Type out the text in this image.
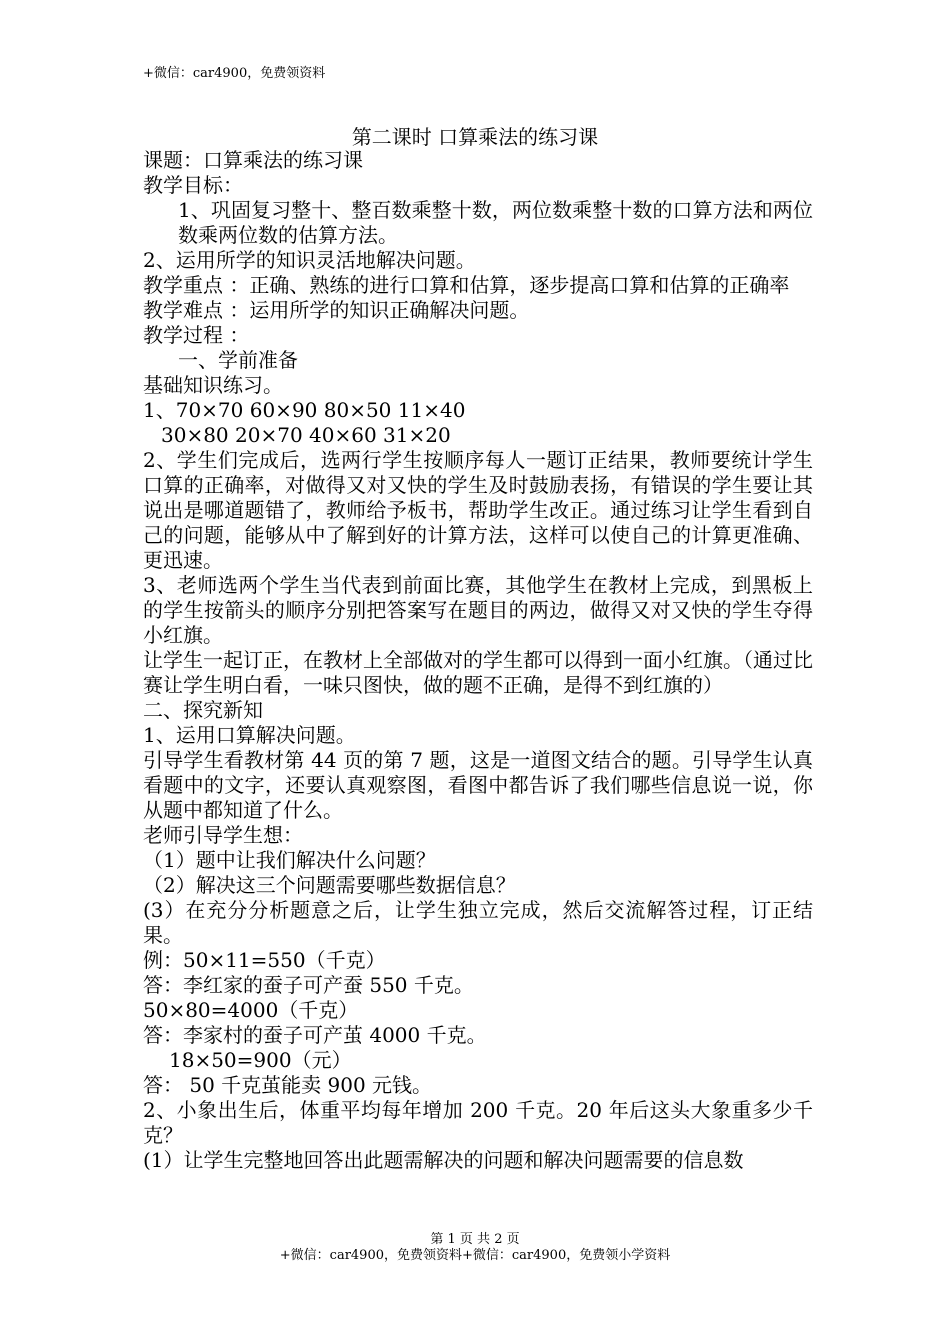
+微信：car4900，免费领资料
第二课时 口算乘法的练习课

课题：口算乘法的练习课

教学目标：

1、巩固复习整十、整百数乘整十数，两位数乘整十数的口算方法和两位数乘两位数的估算方法。

2、运用所学的知识灵活地解决问题。

教学重点 ：正确、熟练的进行口算和估算，逐步提高口算和估算的正确率

教学难点 ：运用所学的知识正确解决问题。

教学过程 ：

一、学前准备

基础知识练习。

1、70×70 60×90 80×50 11×40

30×80 20×70 40×60 31×20

2、学生们完成后，选两行学生按顺序每人一题订正结果，教师要统计学生口算的正确率，对做得又对又快的学生及时鼓励表扬，有错误的学生要让其说出是哪道题错了，教师给予板书，帮助学生改正。通过练习让学生看到自己的问题，能够从中了解到好的计算方法，这样可以使自己的计算更准确、更迅速。

3、老师选两个学生当代表到前面比赛，其他学生在教材上完成，到黑板上的学生按箭头的顺序分别把答案写在题目的两边，做得又对又快的学生夺得小红旗。

让学生一起订正，在教材上全部做对的学生都可以得到一面小红旗。（通过比赛让学生明白看，一味只图快，做的题不正确，是得不到红旗的）

二、探究新知

1、运用口算解决问题。

引导学生看教材第 44 页的第 7 题，这是一道图文结合的题。引导学生认真看题中的文字，还要认真观察图，看图中都告诉了我们哪些信息说一说，你从题中都知道了什么。

老师引导学生想：

（1）题中让我们解决什么问题？

（2）解决这三个问题需要哪些数据信息？

(3）在充分分析题意之后，让学生独立完成，然后交流解答过程，订正结果。

例：50×11=550（千克）

答：李红家的蚕子可产蚕 550 千克。

50×80=4000（千克）

答：李家村的蚕子可产茧 4000 千克。

18×50=900（元）

答： 50 千克茧能卖 900 元钱。

2、小象出生后，体重平均每年增加 200 千克。20 年后这头大象重多少千克？

(1）让学生完整地回答出此题需解决的问题和解决问题需要的信息数

第 1 页 共 2 页
+微信：car4900，免费领资料+微信：car4900，免费领小学资料
